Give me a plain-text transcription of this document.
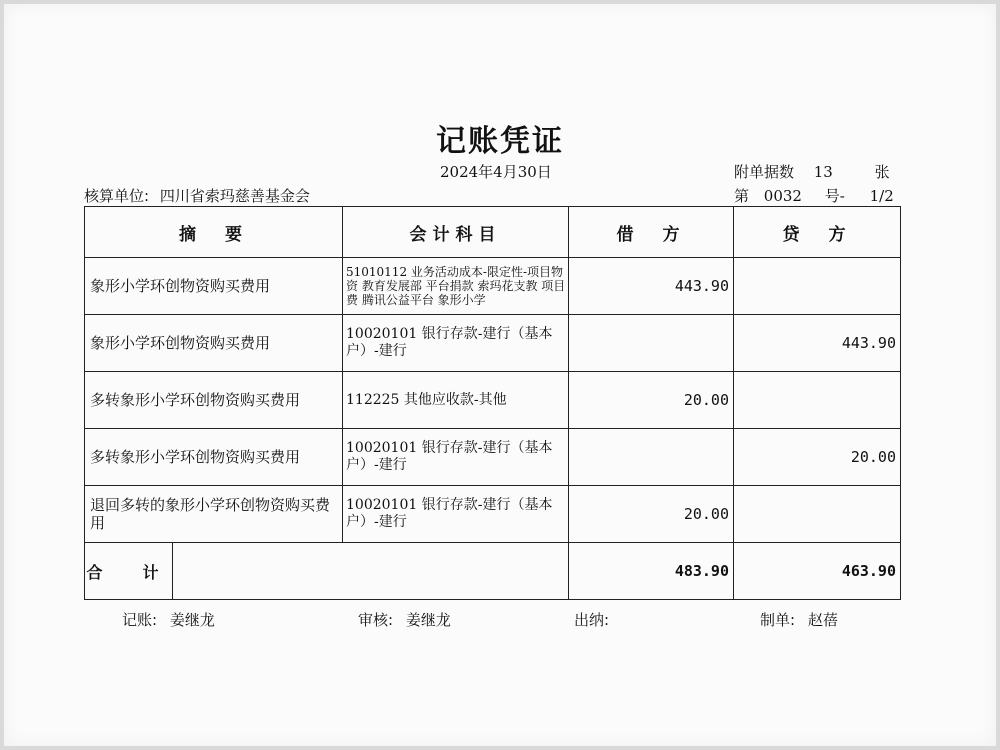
记账凭证
2024年4月30日	附单据数 13	张
核算单位: 四川省索玛慈善基金会	第 0032 号- 1/2
摘　要		会计科目	借　方	贷　方
象形小学环创物资购买费用		51010112 业务活动成本-限定性-项目物资 教育发展部 平台捐款 索玛花支教 项目费 腾讯公益平台 象形小学	443.90	
象形小学环创物资购买费用		10020101 银行存款-建行（基本户）-建行		443.90
多转象形小学环创物资购买费用		112225 其他应收款-其他	20.00	
多转象形小学环创物资购买费用		10020101 银行存款-建行（基本户）-建行		20.00
退回多转的象形小学环创物资购买费用		10020101 银行存款-建行（基本户）-建行	20.00	
合　计			483.90	463.90
记账: 姜继龙	审核: 姜继龙	出纳:	制单: 赵蓓
